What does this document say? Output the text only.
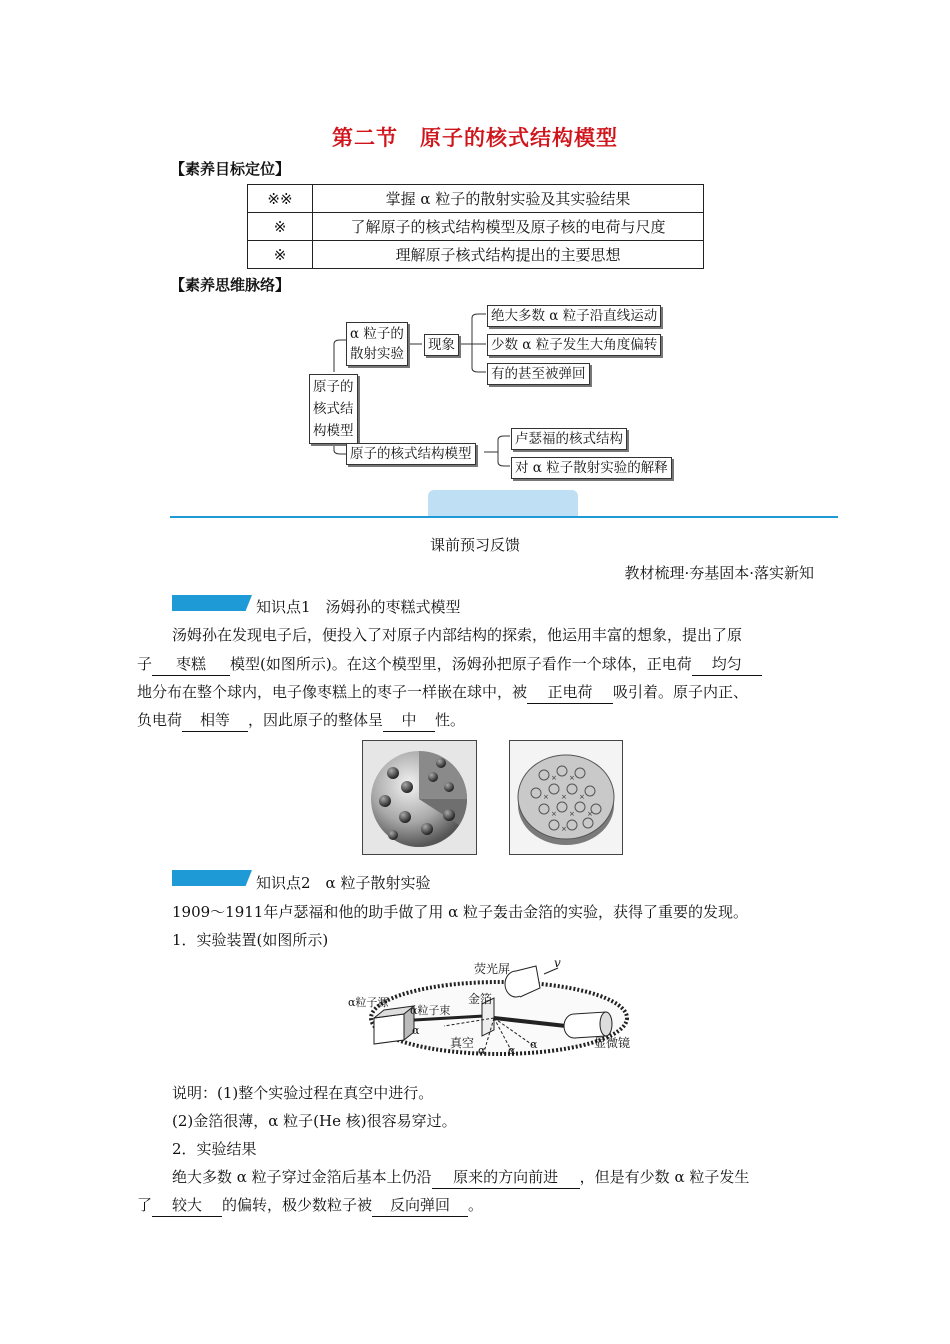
第二节　原子的核式结构模型
【素养目标定位】
※※	掌握 α 粒子的散射实验及其实验结果
※	了解原子的核式结构模型及原子核的电荷与尺度
※	理解原子核式结构提出的主要思想
【素养思维脉络】
原子的
核式结
构模型
α 粒子的
散射实验
现象
绝大多数 α 粒子沿直线运动
少数 α 粒子发生大角度偏转
有的甚至被弹回
原子的核式结构模型
卢瑟福的核式结构
对 α 粒子散射实验的解释
课前预习反馈
教材梳理·夯基固本·落实新知
知识点1　汤姆孙的枣糕式模型
汤姆孙在发现电子后，便投入了对原子内部结构的探索，他运用丰富的想象，提出了原
子 枣糕 模型(如图所示)。在这个模型里，汤姆孙把原子看作一个球体，正电荷 均匀
地分布在整个球内，电子像枣糕上的枣子一样嵌在球中，被 正电荷 吸引着。原子内正、
负电荷 相等 ，因此原子的整体呈 中 性。
× ×
× × ×
× × ×
×
知识点2　α 粒子散射实验
1909～1911年卢瑟福和他的助手做了用 α 粒子轰击金箔的实验，获得了重要的发现。
1．实验装置(如图所示)
荧光屏	v
金箔
α粒子源
α粒子束
真空	显微镜
α
α α α
说明：(1)整个实验过程在真空中进行。
(2)金箔很薄，α 粒子(He 核)很容易穿过。
2．实验结果
绝大多数 α 粒子穿过金箔后基本上仍沿 原来的方向前进 ，但是有少数 α 粒子发生
了 较大 的偏转，极少数粒子被 反向弹回 。
